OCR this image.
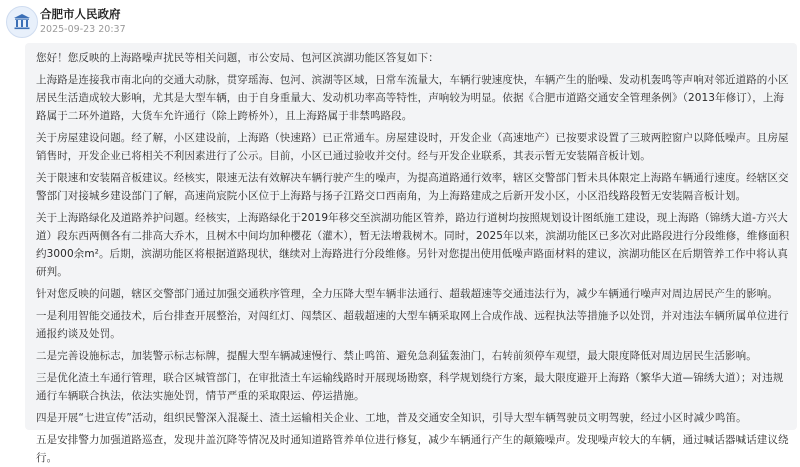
合肥市人民政府
2025-09-23 20:37

您好！您反映的上海路噪声扰民等相关问题，市公安局、包河区滨湖功能区答复如下：

上海路是连接我市南北向的交通大动脉，贯穿瑶海、包河、滨湖等区域，日常车流量大，车辆行驶速度快，车辆产生的胎噪、发动机轰鸣等声响对邻近道路的小区居民生活造成较大影响，尤其是大型车辆，由于自身重量大、发动机功率高等特性，声响较为明显。依据《合肥市道路交通安全管理条例》（2013年修订），上海路属于二环外道路，大货车允许通行（除上跨桥外），且上海路属于非禁鸣路段。

关于房屋建设问题。经了解，小区建设前，上海路（快速路）已正常通车。房屋建设时，开发企业（高速地产）已按要求设置了三玻两腔窗户以降低噪声。且房屋销售时，开发企业已将相关不利因素进行了公示。目前，小区已通过验收并交付。经与开发企业联系，其表示暂无安装隔音板计划。

关于限速和安装隔音板建议。经核实，限速无法有效解决车辆行驶产生的噪声，为提高道路通行效率，辖区交警部门暂未具体限定上海路车辆通行速度。经辖区交警部门对接城乡建设部门了解，高速尚宸院小区位于上海路与扬子江路交口西南角，为上海路建成之后新开发小区，小区沿线路段暂无安装隔音板计划。

关于上海路绿化及道路养护问题。经核实，上海路绿化于2019年移交至滨湖功能区管养，路边行道树均按照规划设计图纸施工建设，现上海路（锦绣大道-方兴大道）段东西两侧各有二排高大乔木，且树木中间均加种樱花（灌木），暂无法增栽树木。同时，2025年以来，滨湖功能区已多次对此路段进行分段维修，维修面积约3000余m²。后期，滨湖功能区将根据道路现状，继续对上海路进行分段维修。另针对您提出使用低噪声路面材料的建议，滨湖功能区在后期管养工作中将认真研判。

针对您反映的问题，辖区交警部门通过加强交通秩序管理，全力压降大型车辆非法通行、超载超速等交通违法行为，减少车辆通行噪声对周边居民产生的影响。

一是利用智能交通技术，后台排查开展整治，对闯红灯、闯禁区、超载超速的大型车辆采取网上合成作战、远程执法等措施予以处罚，并对违法车辆所属单位进行通报约谈及处罚。

二是完善设施标志，加装警示标志标牌，提醒大型车辆减速慢行、禁止鸣笛、避免急刹猛轰油门，右转前须停车观望，最大限度降低对周边居民生活影响。

三是优化渣土车通行管理，联合区城管部门，在审批渣土车运输线路时开展现场勘察，科学规划绕行方案，最大限度避开上海路（繁华大道—锦绣大道）；对违规通行车辆联合执法，依法实施处罚，情节严重的采取限运、停运措施。

四是开展“七进宣传”活动，组织民警深入混凝土、渣土运输相关企业、工地，普及交通安全知识，引导大型车辆驾驶员文明驾驶，经过小区时减少鸣笛。

五是安排警力加强道路巡查，发现井盖沉降等情况及时通知道路管养单位进行修复，减少车辆通行产生的颠簸噪声。发现噪声较大的车辆，通过喊话器喊话建议绕行。
